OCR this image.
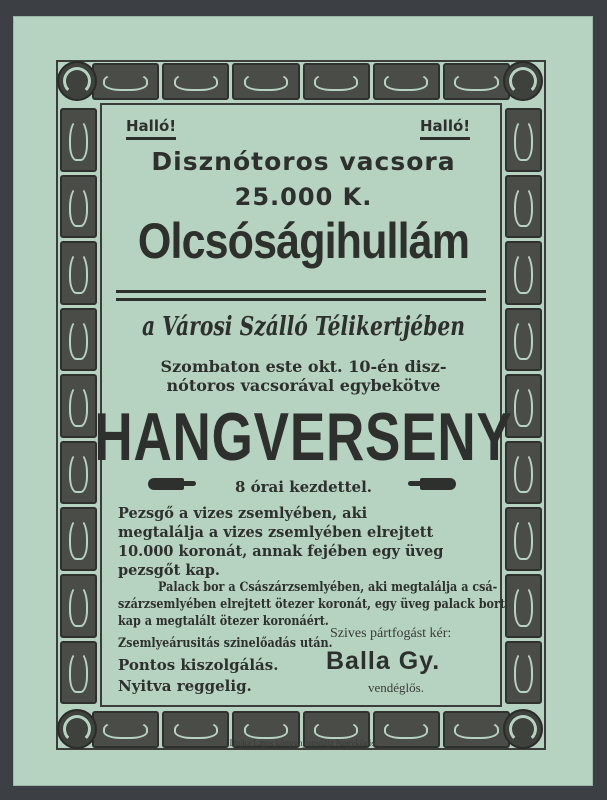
Halló!	Halló!
Disznótoros vacsora
25.000 K.
Olcsóságihullám
a Városi Szálló Télikertjében
Szombaton este okt. 10-én disz-
nótoros vacsorával egybekötve
HANGVERSENY
8 órai kezdettel.
Pezsgő a vizes zsemlyében, aki
megtalálja a vizes zsemlyében elrejtett
10.000 koronát, annak fejében egy üveg
pezsgőt kap.
Palack bor a Császárzsemlyében, aki megtalálja a csá-
szárzsemlyében elrejtett ötezer koronát, egy üveg palack bort
kap a megtalált ötezer koronáért.
Zsemlyeárusitás szinelőadás után.
Pontos kiszolgálás.
Nyitva reggelig.
Szives pártfogást kér:
Balla Gy.
vendéglős.
Dajka Lajos könyvnyomdája Nagykőrös.
